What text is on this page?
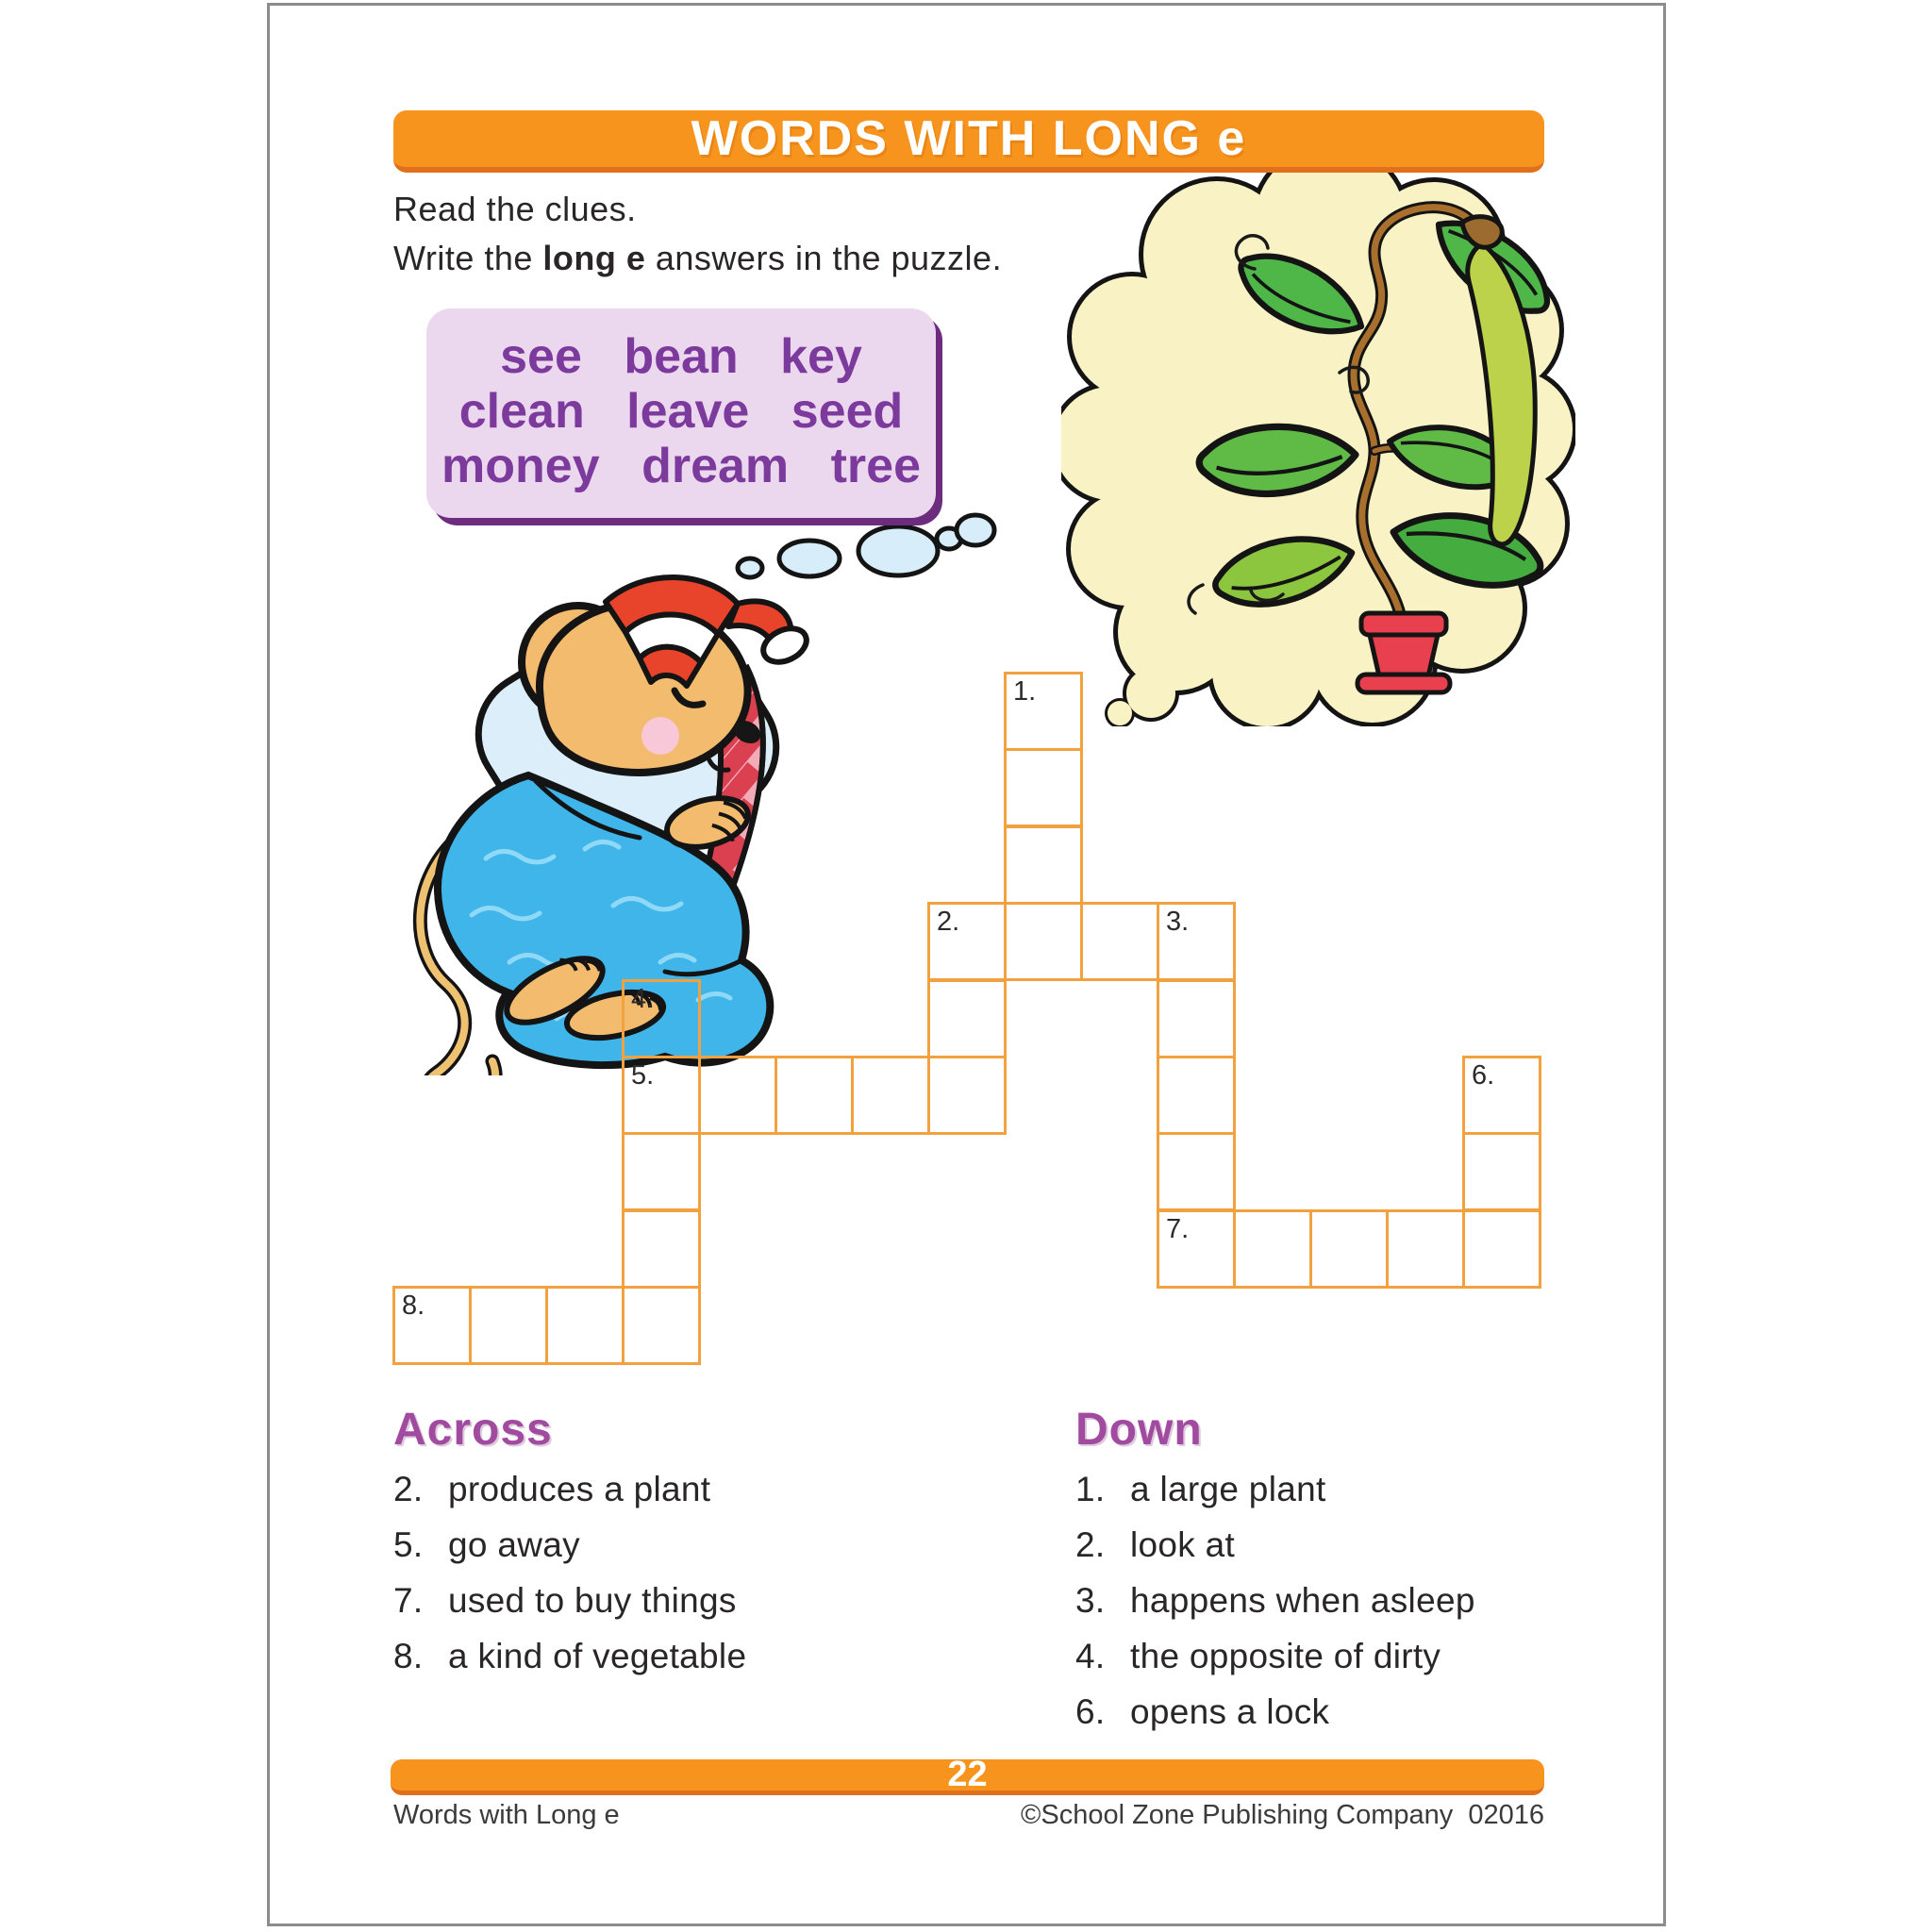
WORDS WITH LONG e
Read the clues.
Write the long e answers in the puzzle.
see bean key
clean leave seed
money dream tree
1.
2.	3.
7.
4.
5.	6.
8.
Across
2. produces a plant
5. go away
7. used to buy things
8. a kind of vegetable
Down
1. a large plant
2. look at
3. happens when asleep
4. the opposite of dirty
6. opens a lock
22
Words with Long e	©School Zone Publishing Company  02016
